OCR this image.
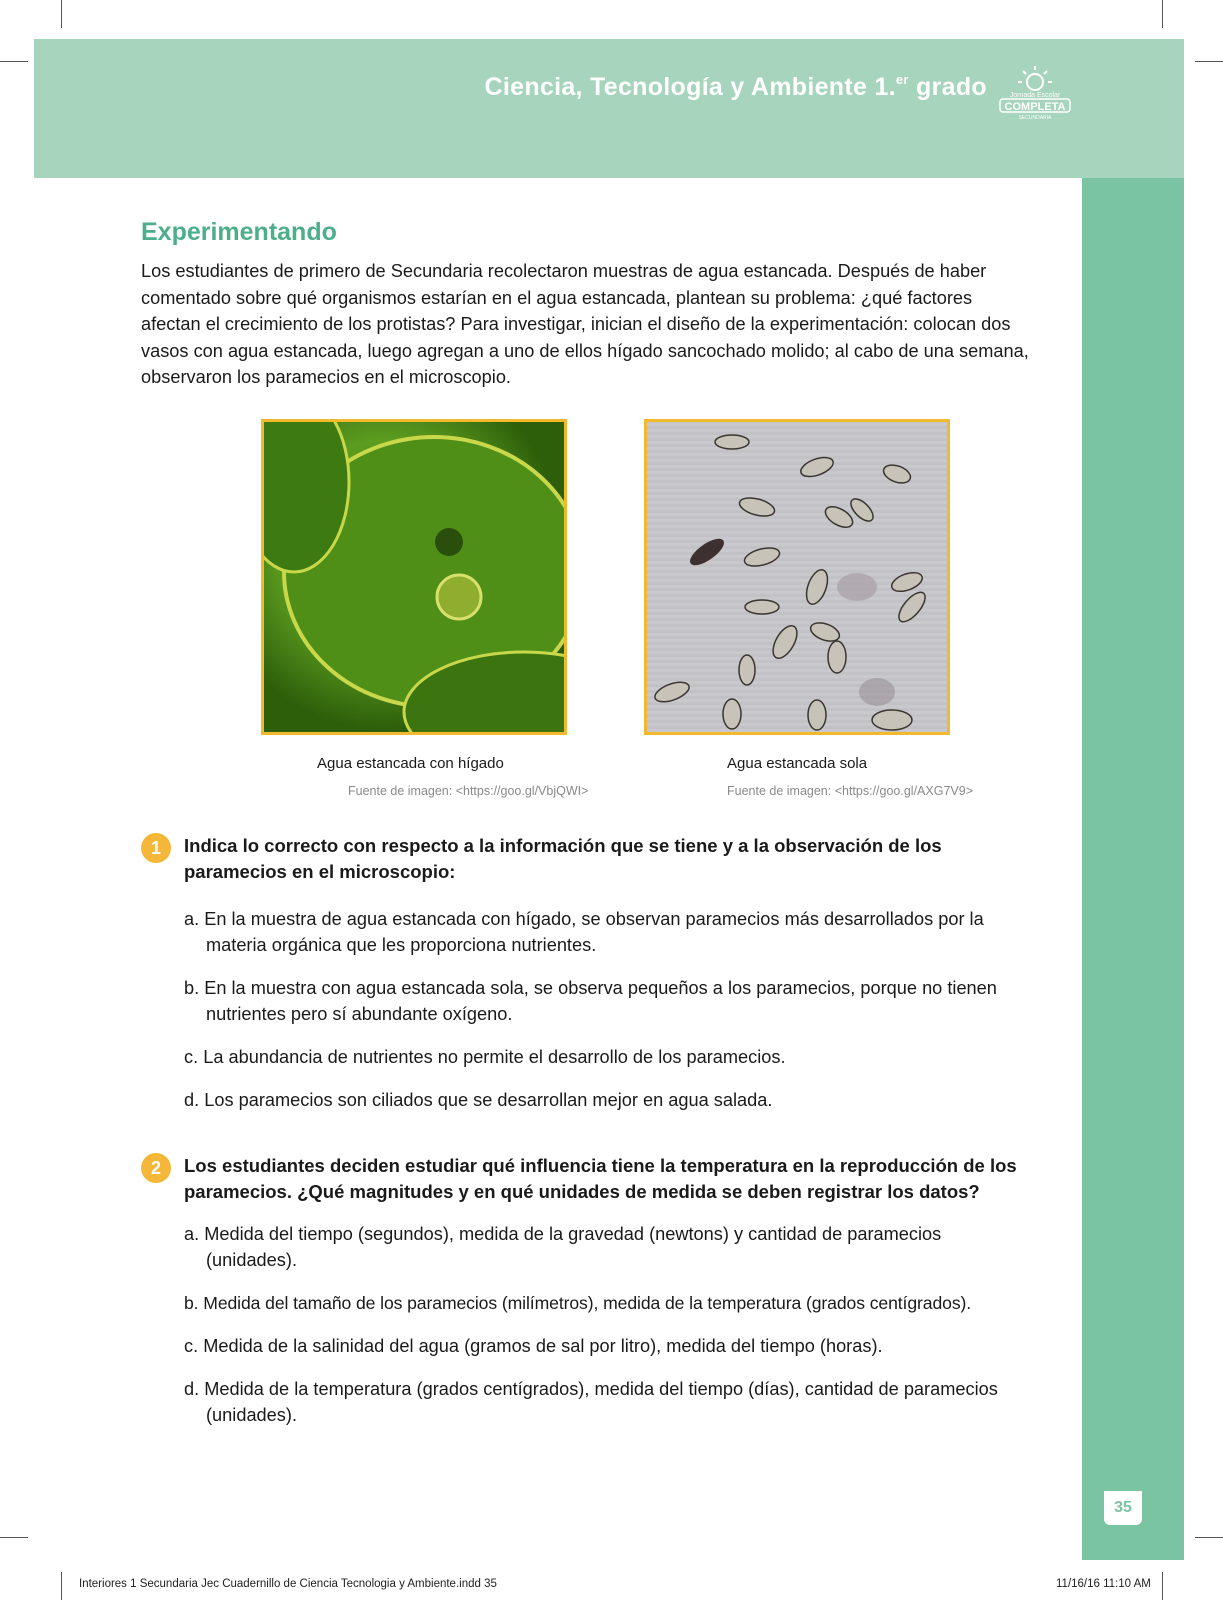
Ciencia, Tecnología y Ambiente 1.$^{er}$ grado	Jornada Escolar
COMPLETA
SECUNDARIA
35
Experimentando

Los estudiantes de primero de Secundaria recolectaron muestras de agua estancada. Después de haber comentado sobre qué organismos estarían en el agua estancada, plantean su problema: ¿qué factores afectan el crecimiento de los protistas? Para investigar, inician el diseño de la experimentación: colocan dos vasos con agua estancada, luego agregan a uno de ellos hígado sancochado molido; al cabo de una semana, observaron los paramecios en el microscopio.

Agua estancada con hígado
Fuente de imagen: <https://goo.gl/VbjQWI>
Agua estancada sola
Fuente de imagen: <https://goo.gl/AXG7V9>
1	Indica lo correcto con respecto a la información que se tiene y a la observación de los paramecios en el microscopio:

a. En la muestra de agua estancada con hígado, se observan paramecios más desarrollados por la materia orgánica que les proporciona nutrientes.

b. En la muestra con agua estancada sola, se observa pequeños a los paramecios, porque no tienen nutrientes pero sí abundante oxígeno.

c. La abundancia de nutrientes no permite el desarrollo de los paramecios.

d. Los paramecios son ciliados que se desarrollan mejor en agua salada.

2	Los estudiantes deciden estudiar qué influencia tiene la temperatura en la reproducción de los paramecios. ¿Qué magnitudes y en qué unidades de medida se deben registrar los datos?

a. Medida del tiempo (segundos), medida de la gravedad (newtons) y cantidad de paramecios (unidades).

b. Medida del tamaño de los paramecios (milímetros), medida de la temperatura (grados centígrados).

c. Medida de la salinidad del agua (gramos de sal por litro), medida del tiempo (horas).

d. Medida de la temperatura (grados centígrados), medida del tiempo (días), cantidad de paramecios (unidades).

Interiores 1 Secundaria Jec Cuadernillo de Ciencia Tecnologia y Ambiente.indd 35	11/16/16 11:10 AM
